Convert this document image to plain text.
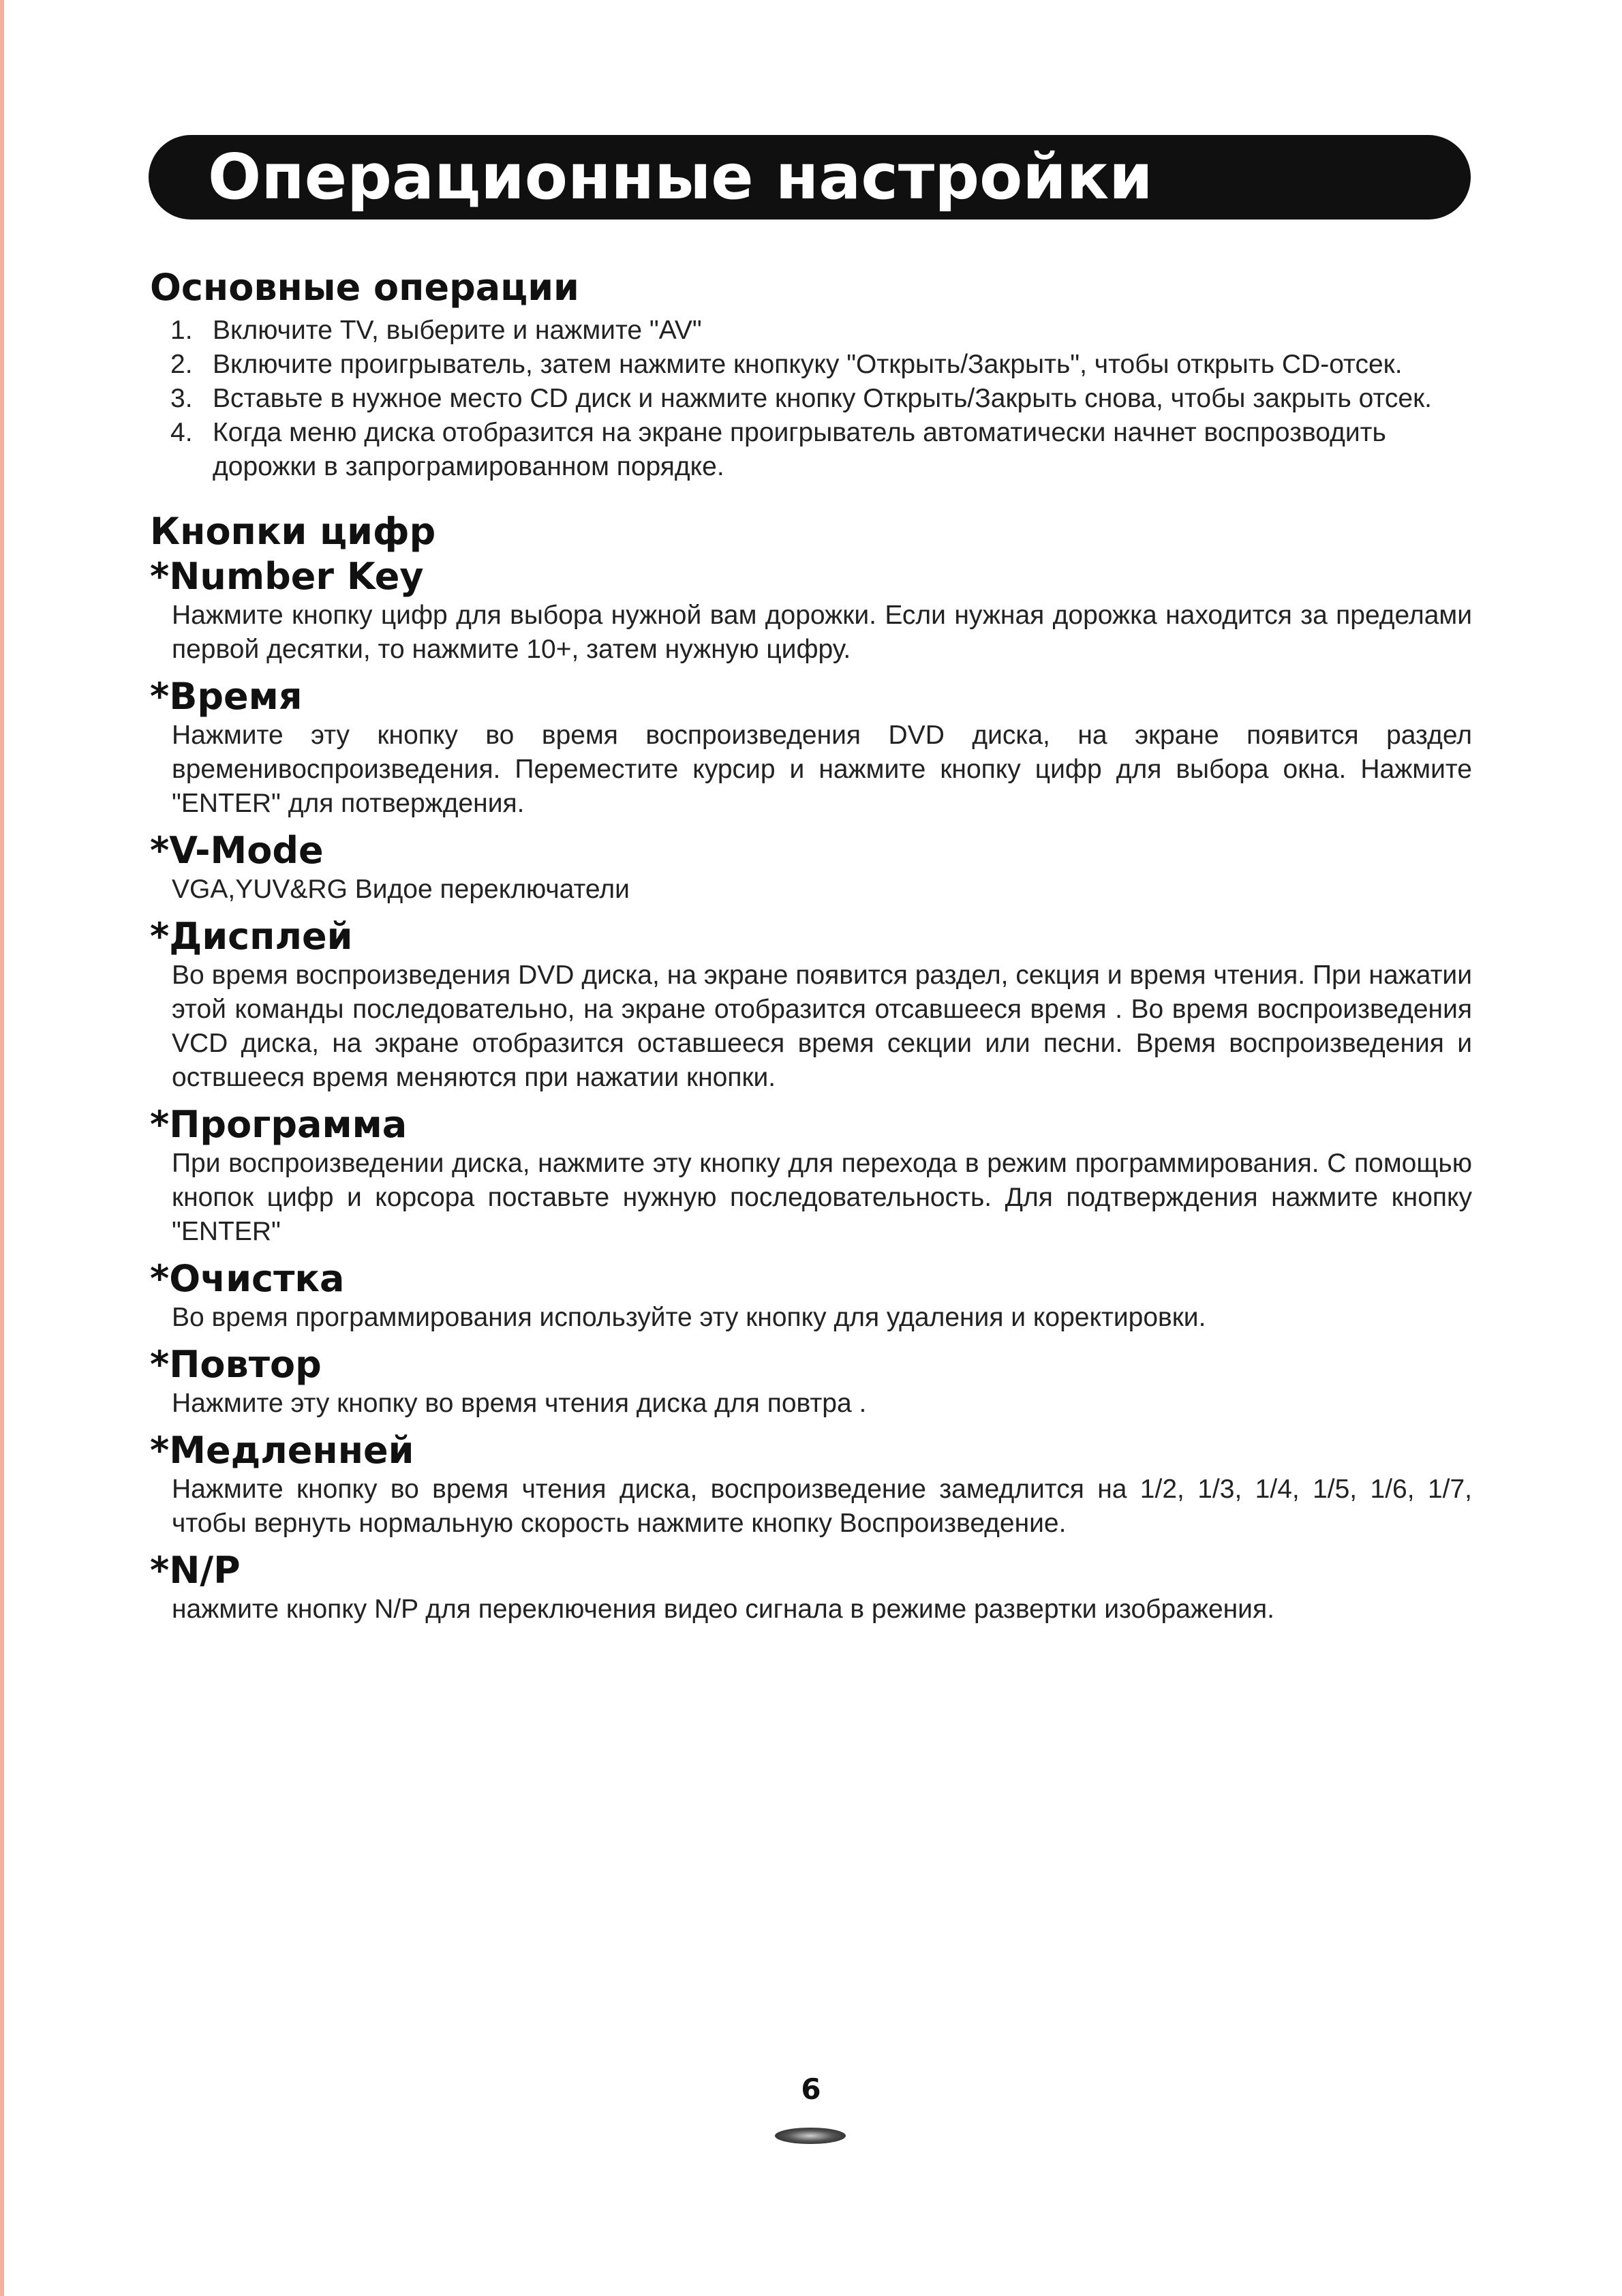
Операционные настройки
Основные операции
1. Включите TV, выберите и нажмите "AV"
2. Включите проигрыватель, затем нажмите кнопкуку "Открыть/Закрыть", чтобы открыть CD-отсек.
3. Вставьте в нужное место CD диск и нажмите кнопку Открыть/Закрыть снова, чтобы закрыть отсек.
4. Когда меню диска отобразится на экране проигрыватель автоматически начнет воспрозводить дорожки в запрограмированном порядке.
Кнопки цифр
*Number Key

Нажмите кнопку цифр для выбора нужной вам дорожки. Если нужная дорожка находится за пределами первой десятки, то нажмите 10+, затем нужную цифру.

*Время

Нажмите эту кнопку во время воспроизведения DVD диска, на экране появится раздел временивоспроизведения. Переместите курсир и нажмите кнопку цифр для выбора окна. Нажмите "ENTER" для потверждения.

*V-Mode

VGA,YUV&RG Видое переключатели

*Дисплей

Во время воспроизведения DVD диска, на экране появится раздел, секция и время чтения. При нажатии этой команды последовательно, на экране отобразится отсавшееся время . Во время воспроизведения VCD диска, на экране отобразится оставшееся время секции или песни. Время воспроизведения и оствшееся время меняются при нажатии кнопки.

*Программа

При воспроизведении диска, нажмите эту кнопку для перехода в режим программирования. С помощью кнопок цифр и корсора поставьте нужную последовательность. Для подтверждения нажмите кнопку "ENTER"

*Очистка

Во время программирования используйте эту кнопку для удаления и коректировки.

*Повтор

Нажмите эту кнопку во время чтения диска для повтра .

*Медленней

Нажмите кнопку во время чтения диска, воспроизведение замедлится на 1/2, 1/3, 1/4, 1/5, 1/6, 1/7, чтобы вернуть нормальную скорость нажмите кнопку Воспроизведение.

*N/P

нажмите кнопку N/P для переключения видео сигнала в режиме развертки изображения.

6
